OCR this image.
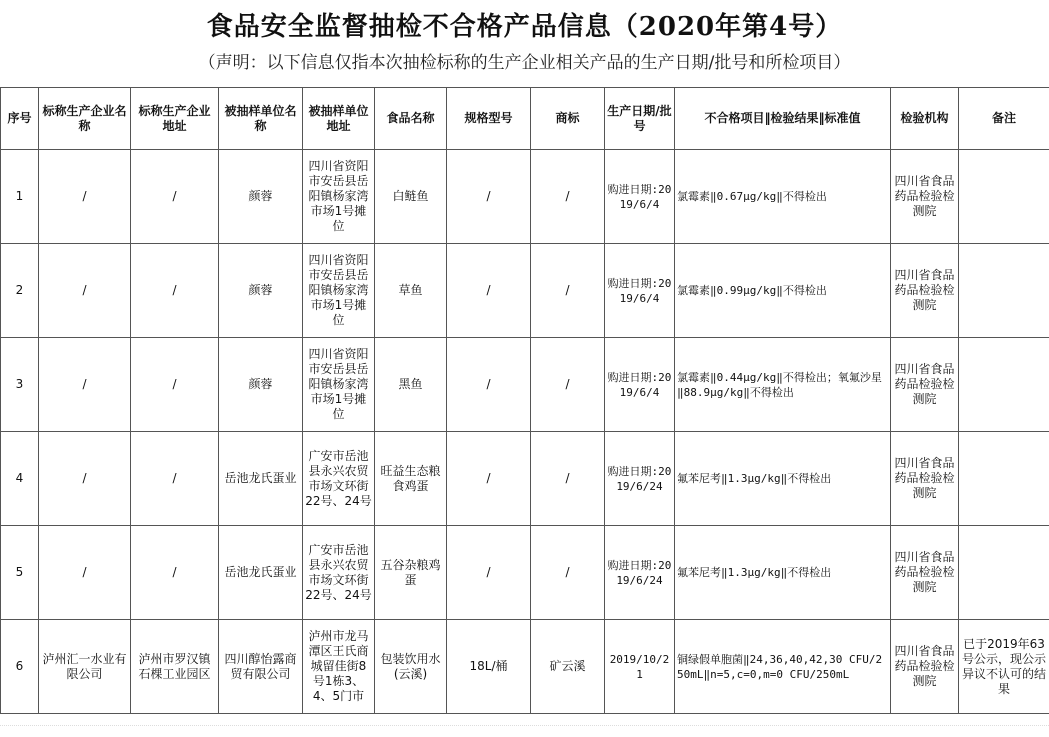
食品安全监督抽检不合格产品信息（2020年第4号）
（声明：以下信息仅指本次抽检标称的生产企业相关产品的生产日期/批号和所检项目）
序号	标称生产企业名称	标称生产企业地址	被抽样单位名称	被抽样单位地址	食品名称	规格型号	商标	生产日期/批号	不合格项目‖检验结果‖标准值	检验机构	备注
1	/	/	颜蓉	四川省资阳市安岳县岳阳镇杨家湾市场1号摊位	白鲢鱼	/	/	购进日期:2019/6/4	氯霉素‖0.67μg/kg‖不得检出	四川省食品药品检验检测院	
2	/	/	颜蓉	四川省资阳市安岳县岳阳镇杨家湾市场1号摊位	草鱼	/	/	购进日期:2019/6/4	氯霉素‖0.99μg/kg‖不得检出	四川省食品药品检验检测院	
3	/	/	颜蓉	四川省资阳市安岳县岳阳镇杨家湾市场1号摊位	黑鱼	/	/	购进日期:2019/6/4	氯霉素‖0.44μg/kg‖不得检出；氧氟沙星‖88.9μg/kg‖不得检出	四川省食品药品检验检测院	
4	/	/	岳池龙氏蛋业	广安市岳池县永兴农贸市场文环街22号、24号	旺益生态粮食鸡蛋	/	/	购进日期:2019/6/24	氟苯尼考‖1.3μg/kg‖不得检出	四川省食品药品检验检测院	
5	/	/	岳池龙氏蛋业	广安市岳池县永兴农贸市场文环街22号、24号	五谷杂粮鸡蛋	/	/	购进日期:2019/6/24	氟苯尼考‖1.3μg/kg‖不得检出	四川省食品药品检验检测院	
6	泸州汇一水业有限公司	泸州市罗汉镇石棵工业园区	四川醇怡露商贸有限公司	泸州市龙马潭区王氏商城留佳街8号1栋3、4、5门市	包装饮用水(云溪)	18L/桶	矿云溪	2019/10/21	铜绿假单胞菌‖24,36,40,42,30 CFU/250mL‖n=5,c=0,m=0 CFU/250mL	四川省食品药品检验检测院	已于2019年63号公示，现公示异议不认可的结果
